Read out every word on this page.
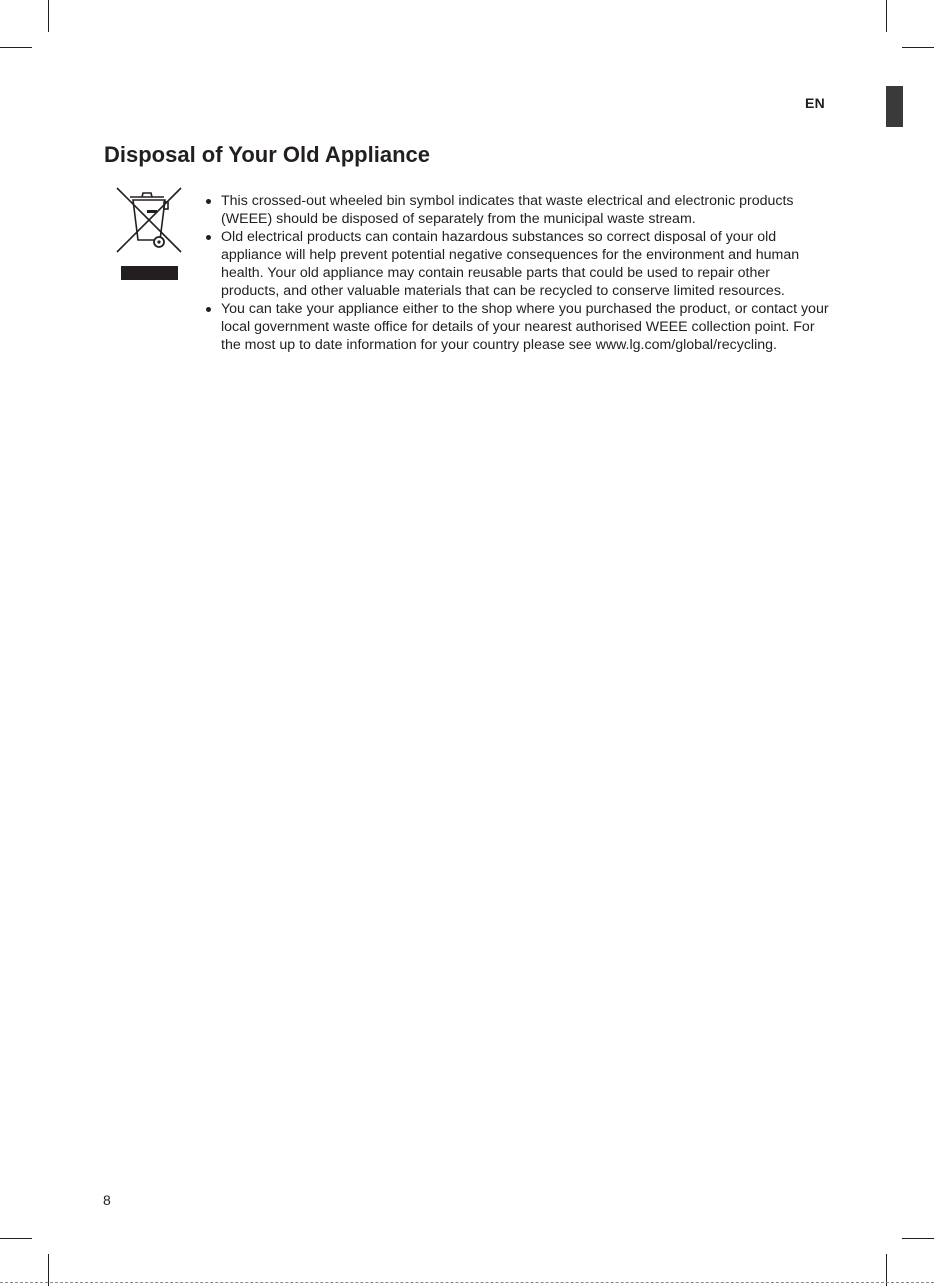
EN
Disposal of Your Old Appliance
This crossed-out wheeled bin symbol indicates that waste electrical and electronic products (WEEE) should be disposed of separately from the municipal waste stream.
Old electrical products can contain hazardous substances so correct disposal of your old appliance will help prevent potential negative consequences for the environment and human health. Your old appliance may contain reusable parts that could be used to repair other products, and other valuable materials that can be recycled to conserve limited resources.
You can take your appliance either to the shop where you purchased the product, or contact your local government waste office for details of your nearest authorised WEEE collection point. For the most up to date information for your country please see www.lg.com/global/recycling.
8
